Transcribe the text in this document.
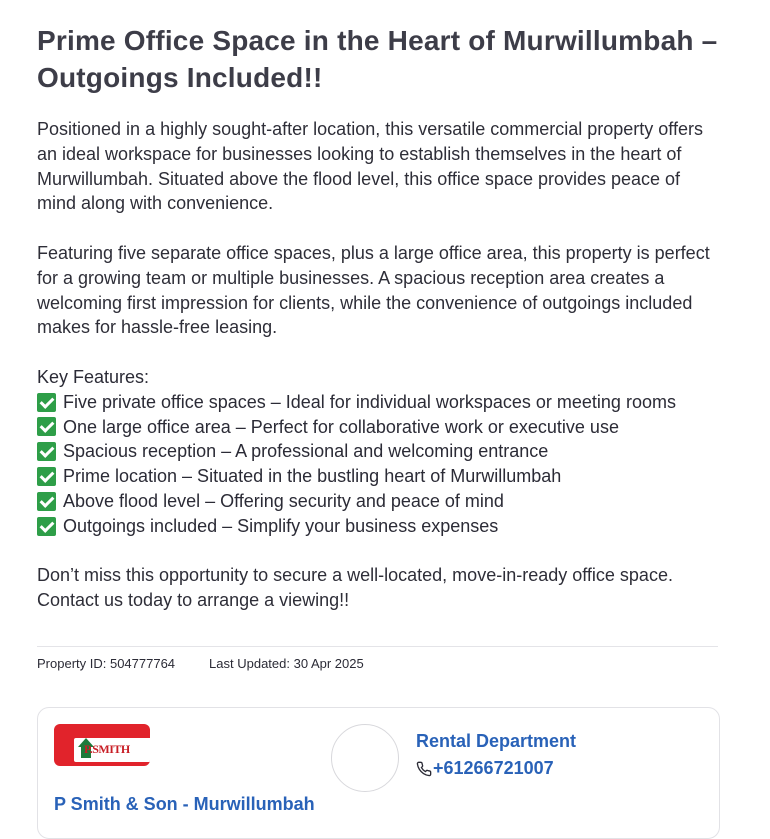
Prime Office Space in the Heart of Murwillumbah – Outgoings Included!!

Positioned in a highly sought-after location, this versatile commercial property offers an ideal workspace for businesses looking to establish themselves in the heart of Murwillumbah. Situated above the flood level, this office space provides peace of mind along with convenience.

Featuring five separate office spaces, plus a large office area, this property is perfect for a growing team or multiple businesses. A spacious reception area creates a welcoming first impression for clients, while the convenience of outgoings included makes for hassle-free leasing.

Key Features:
Five private office spaces – Ideal for individual workspaces or meeting rooms
One large office area – Perfect for collaborative work or executive use
Spacious reception – A professional and welcoming entrance
Prime location – Situated in the bustling heart of Murwillumbah
Above flood level – Offering security and peace of mind
Outgoings included – Simplify your business expenses

Don’t miss this opportunity to secure a well-located, move-in-ready office space. Contact us today to arrange a viewing!!

Property ID: 504777764	Last Updated: 30 Apr 2025
P.SMITH
P Smith & Son - Murwillumbah
Rental Department
+61266721007
